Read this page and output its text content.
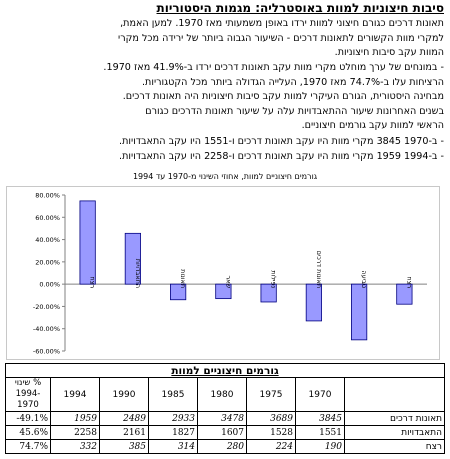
סיבות חיצוניות למוות באוסטרליה: מגמות היסטוריות
תאונות דרכים כגורם חיצוני למוות ירדו באופן משמעותי מאז 1970. למען האמת,
למקרי מוות הקשורים לתאונות דרכים - השיעור הגבוה ביותר של ירידה מכל מקרי
המוות עקב סיבות חיצוניות.
- במונחים של ערך מוחלט מקרי מוות עקב תאונות דרכים ירדו ב-41.9% מאז 1970.
הרציחות עלו ב-74.7% מאז 1970, העלייה הגדולה ביותר מכל הקטגוריות.
מבחינה היסטורית, הגורם העיקרי למוות עקב סיבות חיצוניות היה תאונות דרכים.
בשנים האחרונות שיעור ההתאבדויות עלה על שיעור תאונות הדרכים כגורם
הראשי למוות עקב גורמים חיצוניים.
- ב-1970 3845 מקרי מוות היו עקב תאונות דרכים ו-1551 היו עקב התאבדויות.
- ב-1994 1959 מקרי מוות היו עקב תאונות דרכים ו-2258 היו עקב התאבדויות.
גורמים חיצוניים למוות, אחוזי השינוי מ-1970 עד 1994
-60.00%
-40.00%
-20.00%
0.00%
20.00%
40.00%
60.00%
80.00%
רצח
טביעה
תאונות דרכים
נפילות
שאר
תאונות
התאבדויות
רצח
גורמים חיצוניים למוות							
% שינוי 1994-1970	1994	1990	1985	1980	1975	1970	
-49.1%	1959	2489	2933	3478	3689	3845	תאונות דרכים
45.6%	2258	2161	1827	1607	1528	1551	התאבדויות
74.7%	332	385	314	280	224	190	רצח
